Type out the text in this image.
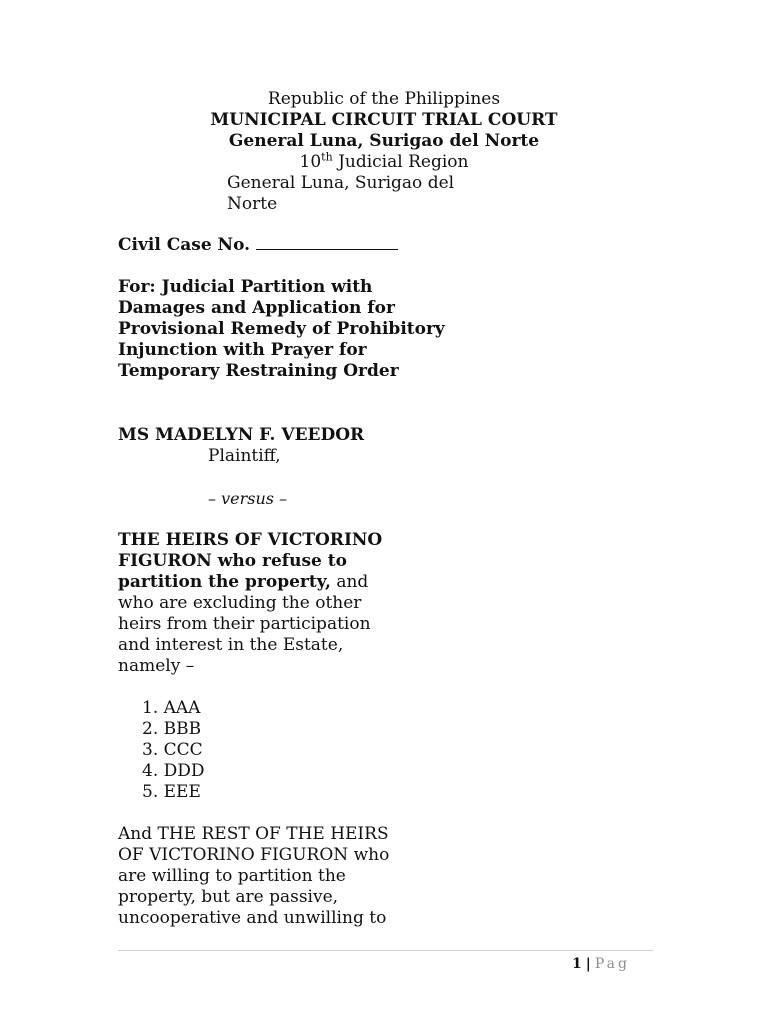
Republic of the Philippines
MUNICIPAL CIRCUIT TRIAL COURT
General Luna, Surigao del Norte
10th Judicial Region
General Luna, Surigao del
Norte
Civil Case No.
For: Judicial Partition with
Damages and Application for
Provisional Remedy of Prohibitory
Injunction with Prayer for
Temporary Restraining Order
MS MADELYN F. VEEDOR
Plaintiff,
– versus –
THE HEIRS OF VICTORINO
FIGURON who refuse to
partition the property, and
who are excluding the other
heirs from their participation
and interest in the Estate,
namely –
1. AAA
2. BBB
3. CCC
4. DDD
5. EEE
And THE REST OF THE HEIRS
OF VICTORINO FIGURON who
are willing to partition the
property, but are passive,
uncooperative and unwilling to
1 | Pag
